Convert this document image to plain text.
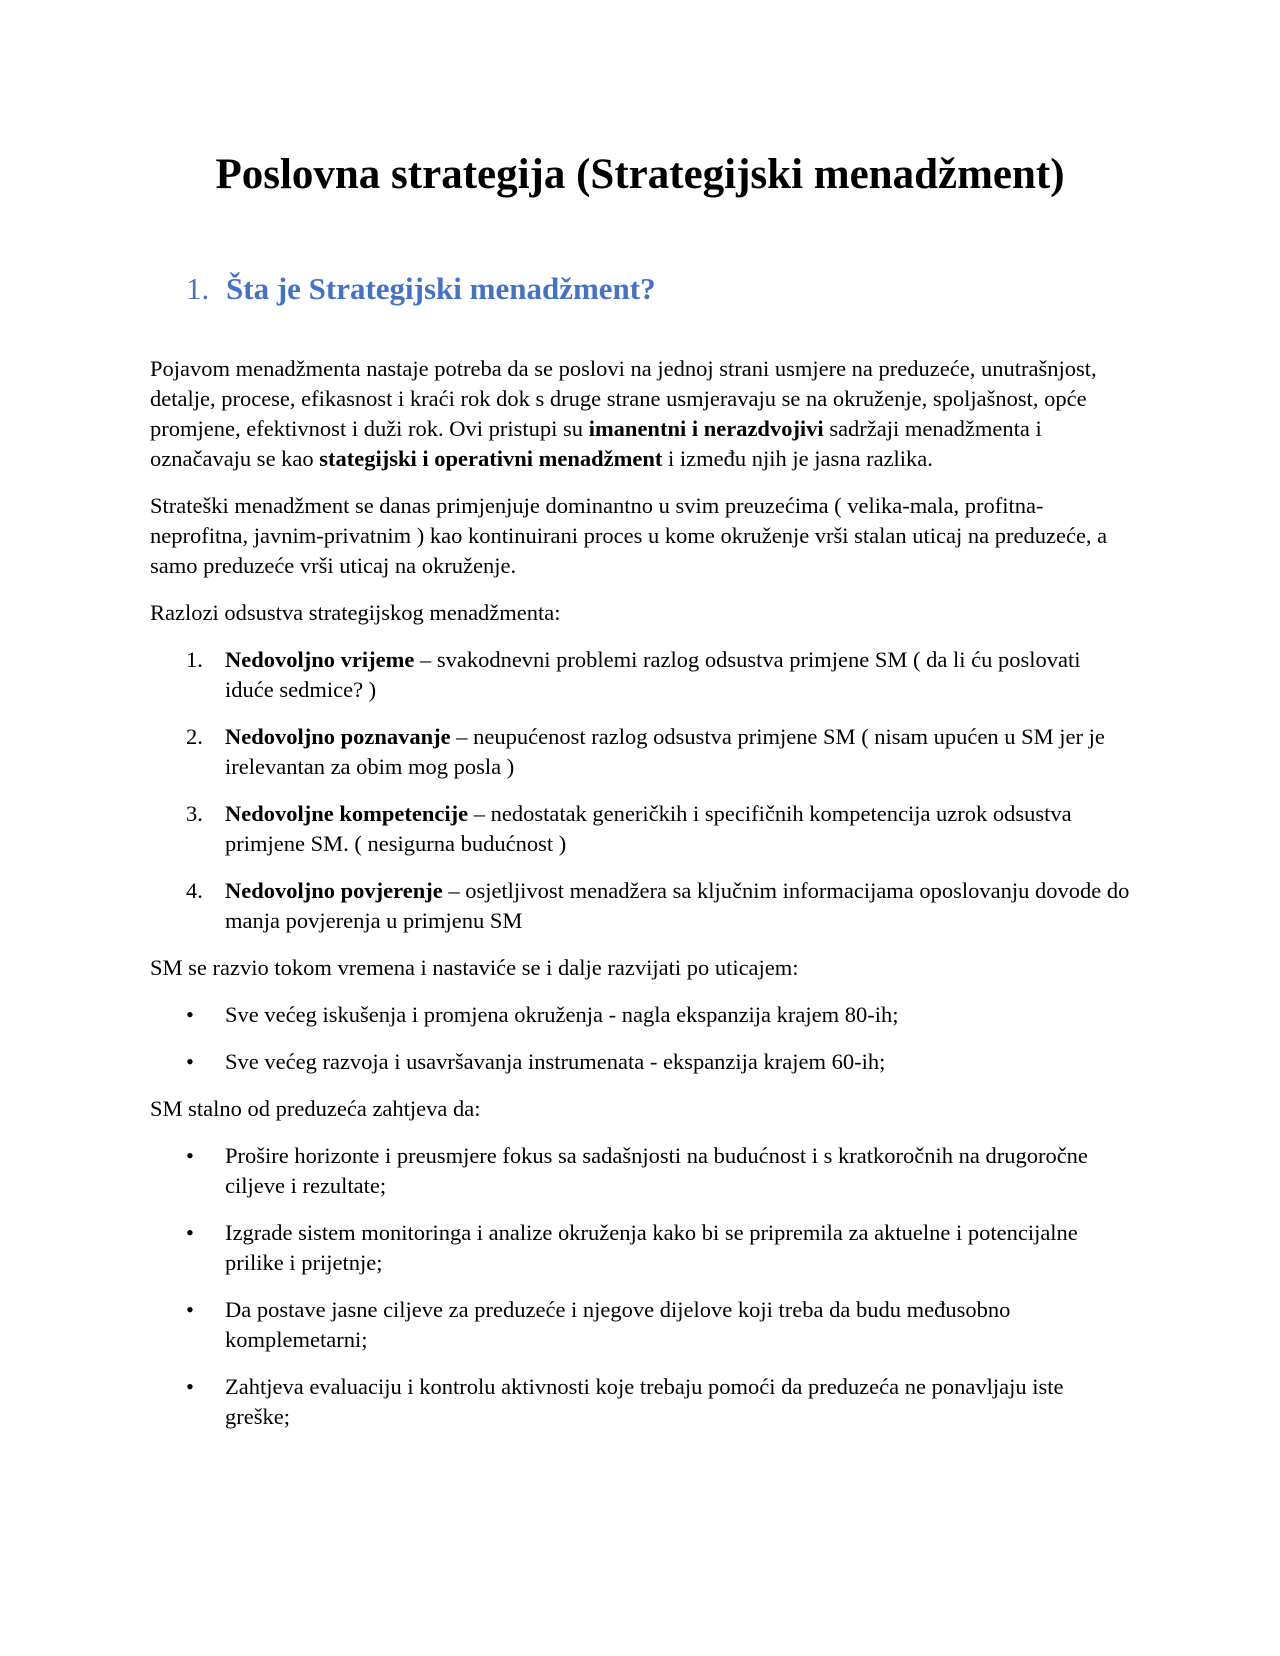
Poslovna strategija (Strategijski menadžment)
1. Šta je Strategijski menadžment?

Pojavom menadžmenta nastaje potreba da se poslovi na jednoj strani usmjere na preduzeće, unutrašnjost, detalje, procese, efikasnost i kraći rok dok s druge strane usmjeravaju se na okruženje, spoljašnost, opće promjene, efektivnost i duži rok. Ovi pristupi su imanentni i nerazdvojivi sadržaji menadžmenta i označavaju se kao stategijski i operativni menadžment i između njih je jasna razlika.

Strateški menadžment se danas primjenjuje dominantno u svim preuzećima ( velika-mala, profitna-neprofitna, javnim-privatnim ) kao kontinuirani proces u kome okruženje vrši stalan uticaj na preduzeće, a samo preduzeće vrši uticaj na okruženje.

Razlozi odsustva strategijskog menadžmenta:

1. Nedovoljno vrijeme – svakodnevni problemi razlog odsustva primjene SM ( da li ću poslovati iduće sedmice? )
2. Nedovoljno poznavanje – neupućenost razlog odsustva primjene SM ( nisam upućen u SM jer je irelevantan za obim mog posla )
3. Nedovoljne kompetencije – nedostatak generičkih i specifičnih kompetencija uzrok odsustva primjene SM. ( nesigurna budućnost )
4. Nedovoljno povjerenje – osjetljivost menadžera sa ključnim informacijama oposlovanju dovode do manja povjerenja u primjenu SM

SM se razvio tokom vremena i nastaviće se i dalje razvijati po uticajem:

• Sve većeg iskušenja i promjena okruženja - nagla ekspanzija krajem 80-ih;
• Sve većeg razvoja i usavršavanja instrumenata - ekspanzija krajem 60-ih;

SM stalno od preduzeća zahtjeva da:

• Prošire horizonte i preusmjere fokus sa sadašnjosti na budućnost i s kratkoročnih na drugoročne ciljeve i rezultate;
• Izgrade sistem monitoringa i analize okruženja kako bi se pripremila za aktuelne i potencijalne prilike i prijetnje;
• Da postave jasne ciljeve za preduzeće i njegove dijelove koji treba da budu međusobno komplemetarni;
• Zahtjeva evaluaciju i kontrolu aktivnosti koje trebaju pomoći da preduzeća ne ponavljaju iste greške;
